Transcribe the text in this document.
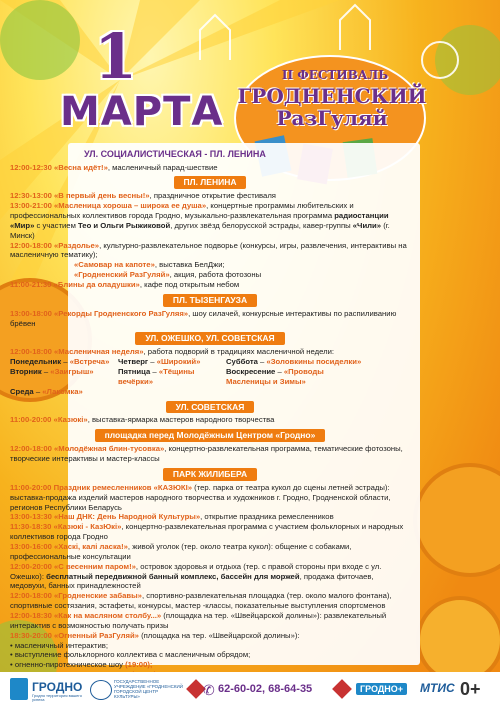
1
МАРТА
II ФЕСТИВАЛЬ
ГРОДНЕНСКИЙ
РазГуляй
УЛ. СОЦИАЛИСТИЧЕСКАЯ - ПЛ. ЛЕНИНА

12:00-12:30 «Весна идёт!», масленичный парад-шествие

ПЛ. ЛЕНИНА

12:30-13:00 «В первый день весны!», праздничное открытие фестиваля

13:00-21:00 «Масленица хороша – широка ее душа», концертные программы любительских и профессиональных коллективов города Гродно, музыкально-развлекательная программа радиостанции «Мир» с участием Тео и Ольги Рыжиковой, других звёзд белорусской эстрады, кавер-группы «Чили» (г. Минск)

12:00-18:00 «Раздолье», культурно-развлекательное подворье (конкурсы, игры, развлечения, интерактивы на масленичную тематику);

«Самовар на капоте», выставка БелДжи;

«Гродненский РазГуляй», акция, работа фотозоны

11:00-21:30 «Блины да оладушки», кафе под открытым небом

ПЛ. ТЫЗЕНГАУЗА

13:00-18:00 «Рекорды Гродненского РазГуляя», шоу силачей, конкурсные интерактивы по распиливанию брёвен

УЛ. ОЖЕШКО, УЛ. СОВЕТСКАЯ

12:00-18:00 «Масленичная неделя», работа подворий в традициях масленичной недели:

Понедельник – «Встреча»	Четверг – «Широкий»	Суббота – «Золовкины посиделки»
Вторник – «Заигрыш»	Пятница – «Тёщины вечёрки»
Воскресение – «Проводы Масленицы и Зимы»
Среда – «Лакомка»
УЛ. СОВЕТСКАЯ

11:00-20:00 «Казюкі», выставка-ярмарка мастеров народного творчества

площадка перед Молодёжным Центром «Гродно»

12:00-18:00 «Молодёжная блин-тусовка», концертно-развлекательная программа, тематические фотозоны, творческие интерактивы и мастер-классы

ПАРК ЖИЛИБЕРА

11:00-20:00 Праздник ремесленников «КАЗЮКІ» (тер. парка от театра кукол до сцены летней эстрады): выставка-продажа изделий мастеров народного творчества и художников г. Гродно, Гродненской области, регионов Республики Беларусь

13:00-13:30 «Наш ДНК: День Народной Культуры», открытие праздника ремесленников

11:30-18:30 «Казюкі - КазЮкі», концертно-развлекательная программа с участием фольклорных и народных коллективов города Гродно

13:00-16:00 «Хаскі, калі ласка!», живой уголок (тер. около театра кукол): общение с собаками, профессиональные консультации

12:00-20:00 «С весенним паром!», островок здоровья и отдыха (тер. с правой стороны при входе с ул. Ожешко): бесплатный передвижной банный комплекс, бассейн для моржей, продажа фиточаев, медовухи, банных принадлежностей

12:00-18:00 «Гродненские забавы», спортивно-развлекательная площадка (тер. около малого фонтана), спортивные состязания, эстафеты, конкурсы, мастер -классы, показательные выступления спортсменов

12:00-18:30 «Как на масляном столбу...» (площадка на тер. «Швейцарской долины»): развлекательный интерактив с возможностью получать призы

18:30-20:00 «Огненный РазГуляй» (площадка на тер. «Швейцарской долины»):

• масленичный интерактив;

• выступление фольклорного коллектива с масленичным обрядом;

• огненно-пиротехническое шоу (19:00);

ГРОДНО
Гродно территория вашего успеха
ГОСУДАРСТВЕННОЕ УЧРЕЖДЕНИЕ «ГРОДНЕНСКИЙ ГОРОДСКОЙ ЦЕНТР КУЛЬТУРЫ»	✆ 62-60-02, 68-64-35	ГРОДНО+	MTИС 0+
